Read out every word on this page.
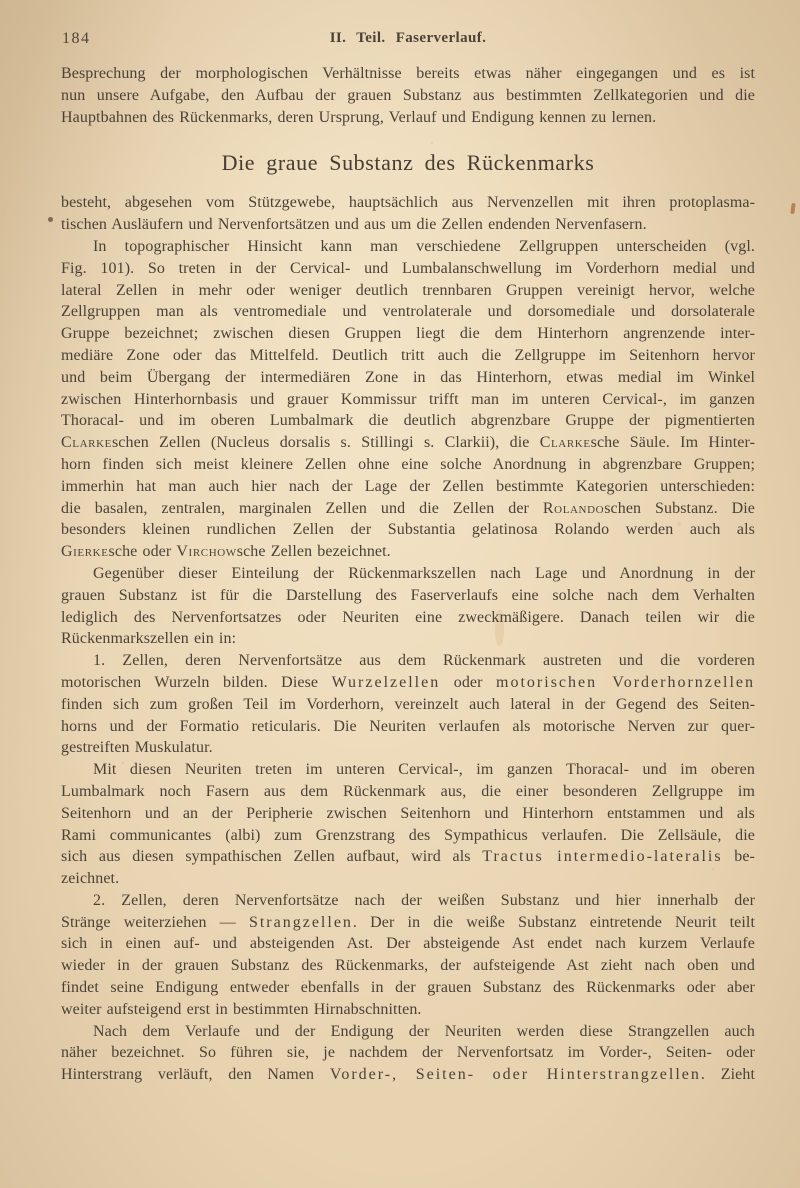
184	II. Teil. Faserverlauf.
Besprechung der morphologischen Verhältnisse bereits etwas näher eingegangen und es ist
nun unsere Aufgabe, den Aufbau der grauen Substanz aus bestimmten Zellkategorien und die
Hauptbahnen des Rückenmarks, deren Ursprung, Verlauf und Endigung kennen zu lernen.
Die graue Substanz des Rückenmarks
besteht, abgesehen vom Stützgewebe, hauptsächlich aus Nervenzellen mit ihren protoplasma-
tischen Ausläufern und Nervenfortsätzen und aus um die Zellen endenden Nervenfasern.
In topographischer Hinsicht kann man verschiedene Zellgruppen unterscheiden (vgl.
Fig. 101). So treten in der Cervical- und Lumbalanschwellung im Vorderhorn medial und
lateral Zellen in mehr oder weniger deutlich trennbaren Gruppen vereinigt hervor, welche
Zellgruppen man als ventromediale und ventrolaterale und dorsomediale und dorsolaterale
Gruppe bezeichnet; zwischen diesen Gruppen liegt die dem Hinterhorn angrenzende inter-
mediäre Zone oder das Mittelfeld. Deutlich tritt auch die Zellgruppe im Seitenhorn hervor
und beim Übergang der intermediären Zone in das Hinterhorn, etwas medial im Winkel
zwischen Hinterhornbasis und grauer Kommissur trifft man im unteren Cervical-, im ganzen
Thoracal- und im oberen Lumbalmark die deutlich abgrenzbare Gruppe der pigmentierten
Clarkeschen Zellen (Nucleus dorsalis s. Stillingi s. Clarkii), die Clarkesche Säule. Im Hinter-
horn finden sich meist kleinere Zellen ohne eine solche Anordnung in abgrenzbare Gruppen;
immerhin hat man auch hier nach der Lage der Zellen bestimmte Kategorien unterschieden:
die basalen, zentralen, marginalen Zellen und die Zellen der Rolandoschen Substanz. Die
besonders kleinen rundlichen Zellen der Substantia gelatinosa Rolando werden auch als
Gierkesche oder Virchowsche Zellen bezeichnet.
Gegenüber dieser Einteilung der Rückenmarkszellen nach Lage und Anordnung in der
grauen Substanz ist für die Darstellung des Faserverlaufs eine solche nach dem Verhalten
lediglich des Nervenfortsatzes oder Neuriten eine zweckmäßigere. Danach teilen wir die
Rückenmarkszellen ein in:
1. Zellen, deren Nervenfortsätze aus dem Rückenmark austreten und die vorderen
motorischen Wurzeln bilden. Diese Wurzelzellen oder motorischen Vorderhornzellen
finden sich zum großen Teil im Vorderhorn, vereinzelt auch lateral in der Gegend des Seiten-
horns und der Formatio reticularis. Die Neuriten verlaufen als motorische Nerven zur quer-
gestreiften Muskulatur.
Mit diesen Neuriten treten im unteren Cervical-, im ganzen Thoracal- und im oberen
Lumbalmark noch Fasern aus dem Rückenmark aus, die einer besonderen Zellgruppe im
Seitenhorn und an der Peripherie zwischen Seitenhorn und Hinterhorn entstammen und als
Rami communicantes (albi) zum Grenzstrang des Sympathicus verlaufen. Die Zellsäule, die
sich aus diesen sympathischen Zellen aufbaut, wird als Tractus intermedio-lateralis be-
zeichnet.
2. Zellen, deren Nervenfortsätze nach der weißen Substanz und hier innerhalb der
Stränge weiterziehen — Strangzellen. Der in die weiße Substanz eintretende Neurit teilt
sich in einen auf- und absteigenden Ast. Der absteigende Ast endet nach kurzem Verlaufe
wieder in der grauen Substanz des Rückenmarks, der aufsteigende Ast zieht nach oben und
findet seine Endigung entweder ebenfalls in der grauen Substanz des Rückenmarks oder aber
weiter aufsteigend erst in bestimmten Hirnabschnitten.
Nach dem Verlaufe und der Endigung der Neuriten werden diese Strangzellen auch
näher bezeichnet. So führen sie, je nachdem der Nervenfortsatz im Vorder-, Seiten- oder
Hinterstrang verläuft, den Namen Vorder-, Seiten- oder Hinterstrangzellen. Zieht
